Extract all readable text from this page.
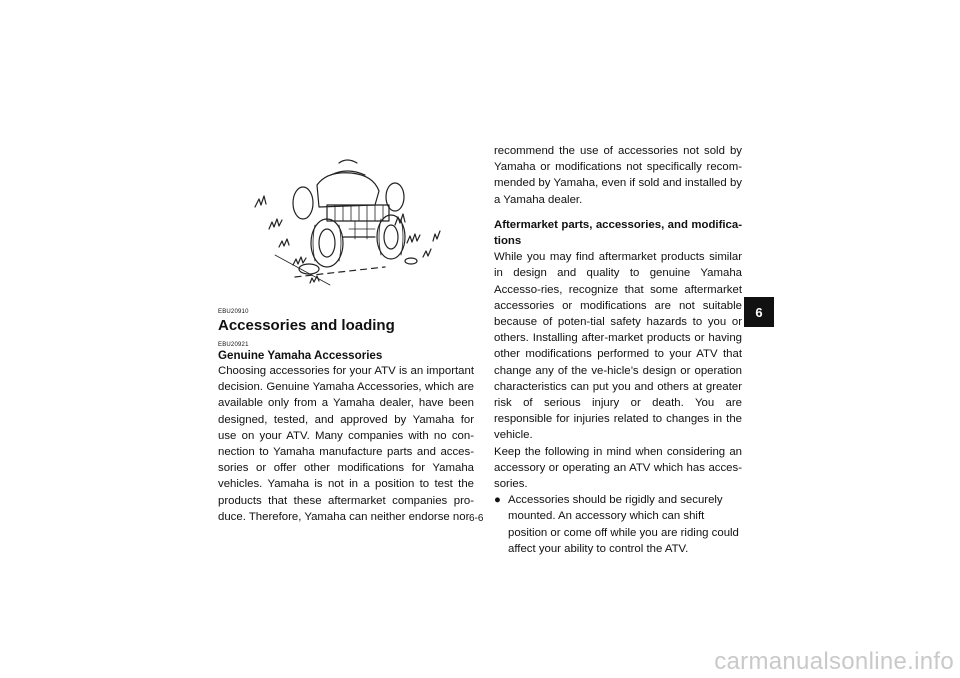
EBU20910

Accessories and loading

EBU20921

Genuine Yamaha Accessories

Choosing accessories for your ATV is an important decision. Genuine Yamaha Accessories, which are available only from a Yamaha dealer, have been designed, tested, and approved by Yamaha for use on your ATV. Many companies with no con-nection to Yamaha manufacture parts and acces-sories or offer other modifications for Yamaha vehicles. Yamaha is not in a position to test the products that these aftermarket companies pro-duce. Therefore, Yamaha can neither endorse nor

recommend the use of accessories not sold by Yamaha or modifications not specifically recom-mended by Yamaha, even if sold and installed by a Yamaha dealer.

Aftermarket parts, accessories, and modifica-tions

While you may find aftermarket products similar in design and quality to genuine Yamaha Accesso-ries, recognize that some aftermarket accessories or modifications are not suitable because of poten-tial safety hazards to you or others. Installing after-market products or having other modifications performed to your ATV that change any of the ve-hicle’s design or operation characteristics can put you and others at greater risk of serious injury or death. You are responsible for injuries related to changes in the vehicle.

Keep the following in mind when considering an accessory or operating an ATV which has acces-sories.

● Accessories should be rigidly and securely mounted. An accessory which can shift position or come off while you are riding could affect your ability to control the ATV.
6-6
6
carmanualsonline.info
